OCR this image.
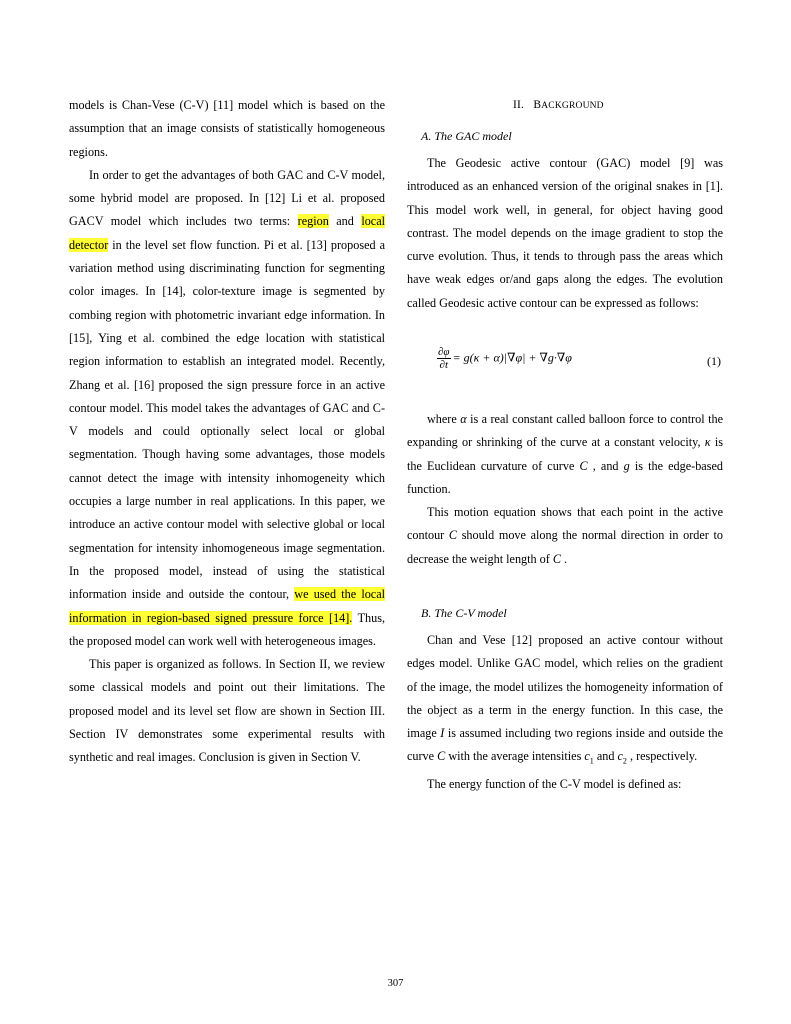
models is Chan-Vese (C-V) [11] model which is based on the assumption that an image consists of statistically homogeneous regions.

In order to get the advantages of both GAC and C-V model, some hybrid model are proposed. In [12] Li et al. proposed GACV model which includes two terms: region and local detector in the level set flow function. Pi et al. [13] proposed a variation method using discriminating function for segmenting color images. In [14], color-texture image is segmented by combing region with photometric invariant edge information. In [15], Ying et al. combined the edge location with statistical region information to establish an integrated model. Recently, Zhang et al. [16] proposed the sign pressure force in an active contour model. This model takes the advantages of GAC and C-V models and could optionally select local or global segmentation. Though having some advantages, those models cannot detect the image with intensity inhomogeneity which occupies a large number in real applications. In this paper, we introduce an active contour model with selective global or local segmentation for intensity inhomogeneous image segmentation. In the proposed model, instead of using the statistical information inside and outside the contour, we used the local information in region-based signed pressure force [14]. Thus, the proposed model can work well with heterogeneous images.

This paper is organized as follows. In Section II, we review some classical models and point out their limitations. The proposed model and its level set flow are shown in Section III. Section IV demonstrates some experimental results with synthetic and real images. Conclusion is given in Section V.

II. BACKGROUND
A. The GAC model

The Geodesic active contour (GAC) model [9] was introduced as an enhanced version of the original snakes in [1]. This model work well, in general, for object having good contrast. The model depends on the image gradient to stop the curve evolution. Thus, it tends to through pass the areas which have weak edges or/and gaps along the edges. The evolution called Geodesic active contour can be expressed as follows:

$\frac{\partial\varphi}{\partial t} = g(\kappa + \alpha)|\nabla\varphi| + \nabla g\cdot\nabla\varphi$	(1)

where α is a real constant called balloon force to control the expanding or shrinking of the curve at a constant velocity, κ is the Euclidean curvature of curve C , and g is the edge-based function.

This motion equation shows that each point in the active contour C should move along the normal direction in order to decrease the weight length of C .

B. The C-V model

Chan and Vese [12] proposed an active contour without edges model. Unlike GAC model, which relies on the gradient of the image, the model utilizes the homogeneity information of the object as a term in the energy function. In this case, the image I is assumed including two regions inside and outside the curve C with the average intensities $c_1$ and $c_2$ , respectively.

The energy function of the C-V model is defined as:

307
